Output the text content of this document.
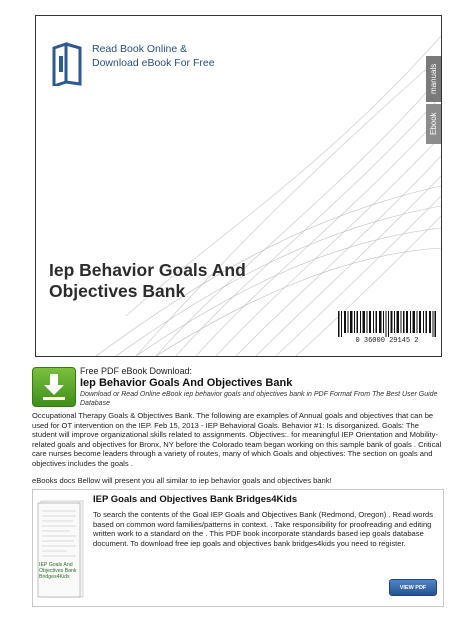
Read Book Online &
Download eBook For Free
manuals
Ebook
Iep Behavior Goals And
Objectives Bank
0 36000 29145 2
Free PDF eBook Download:
Iep Behavior Goals And Objectives Bank
Download or Read Online eBook iep behavior goals and objectives bank in PDF Format From The Best User Guide Database
Occupational Therapy Goals & Objectives Bank. The following are examples of Annual goals and objectives that can be used for OT intervention on the IEP. Feb 15, 2013 - IEP Behavioral Goals. Behavior #1: Is disorganized. Goals: The student will improve organizational skills related to assignments. Objectives:. for meaningful IEP Orientation and Mobility-related goals and objectives for Bronx, NY before the Colorado team began working on this sample bank of goals . Critical care nurses become leaders through a variety of routes, many of which Goals and objectives: The section on goals and objectives includes the goals .
eBooks docs Bellow will present you all similar to iep behavior goals and objectives bank!
IEP Goals And Objectives Bank Bridges4Kids
IEP Goals and Objectives Bank Bridges4Kids
To search the contents of the Goal IEP Goals and Objectives Bank (Redmond, Oregon) . Read words based on common word families/patterns in context. . Take responsibility for proofreading and editing written work to a standard on the . This PDF book incorporate standards based iep goals database document. To download free iep goals and objectives bank bridges4kids you need to register.
VIEW PDF
